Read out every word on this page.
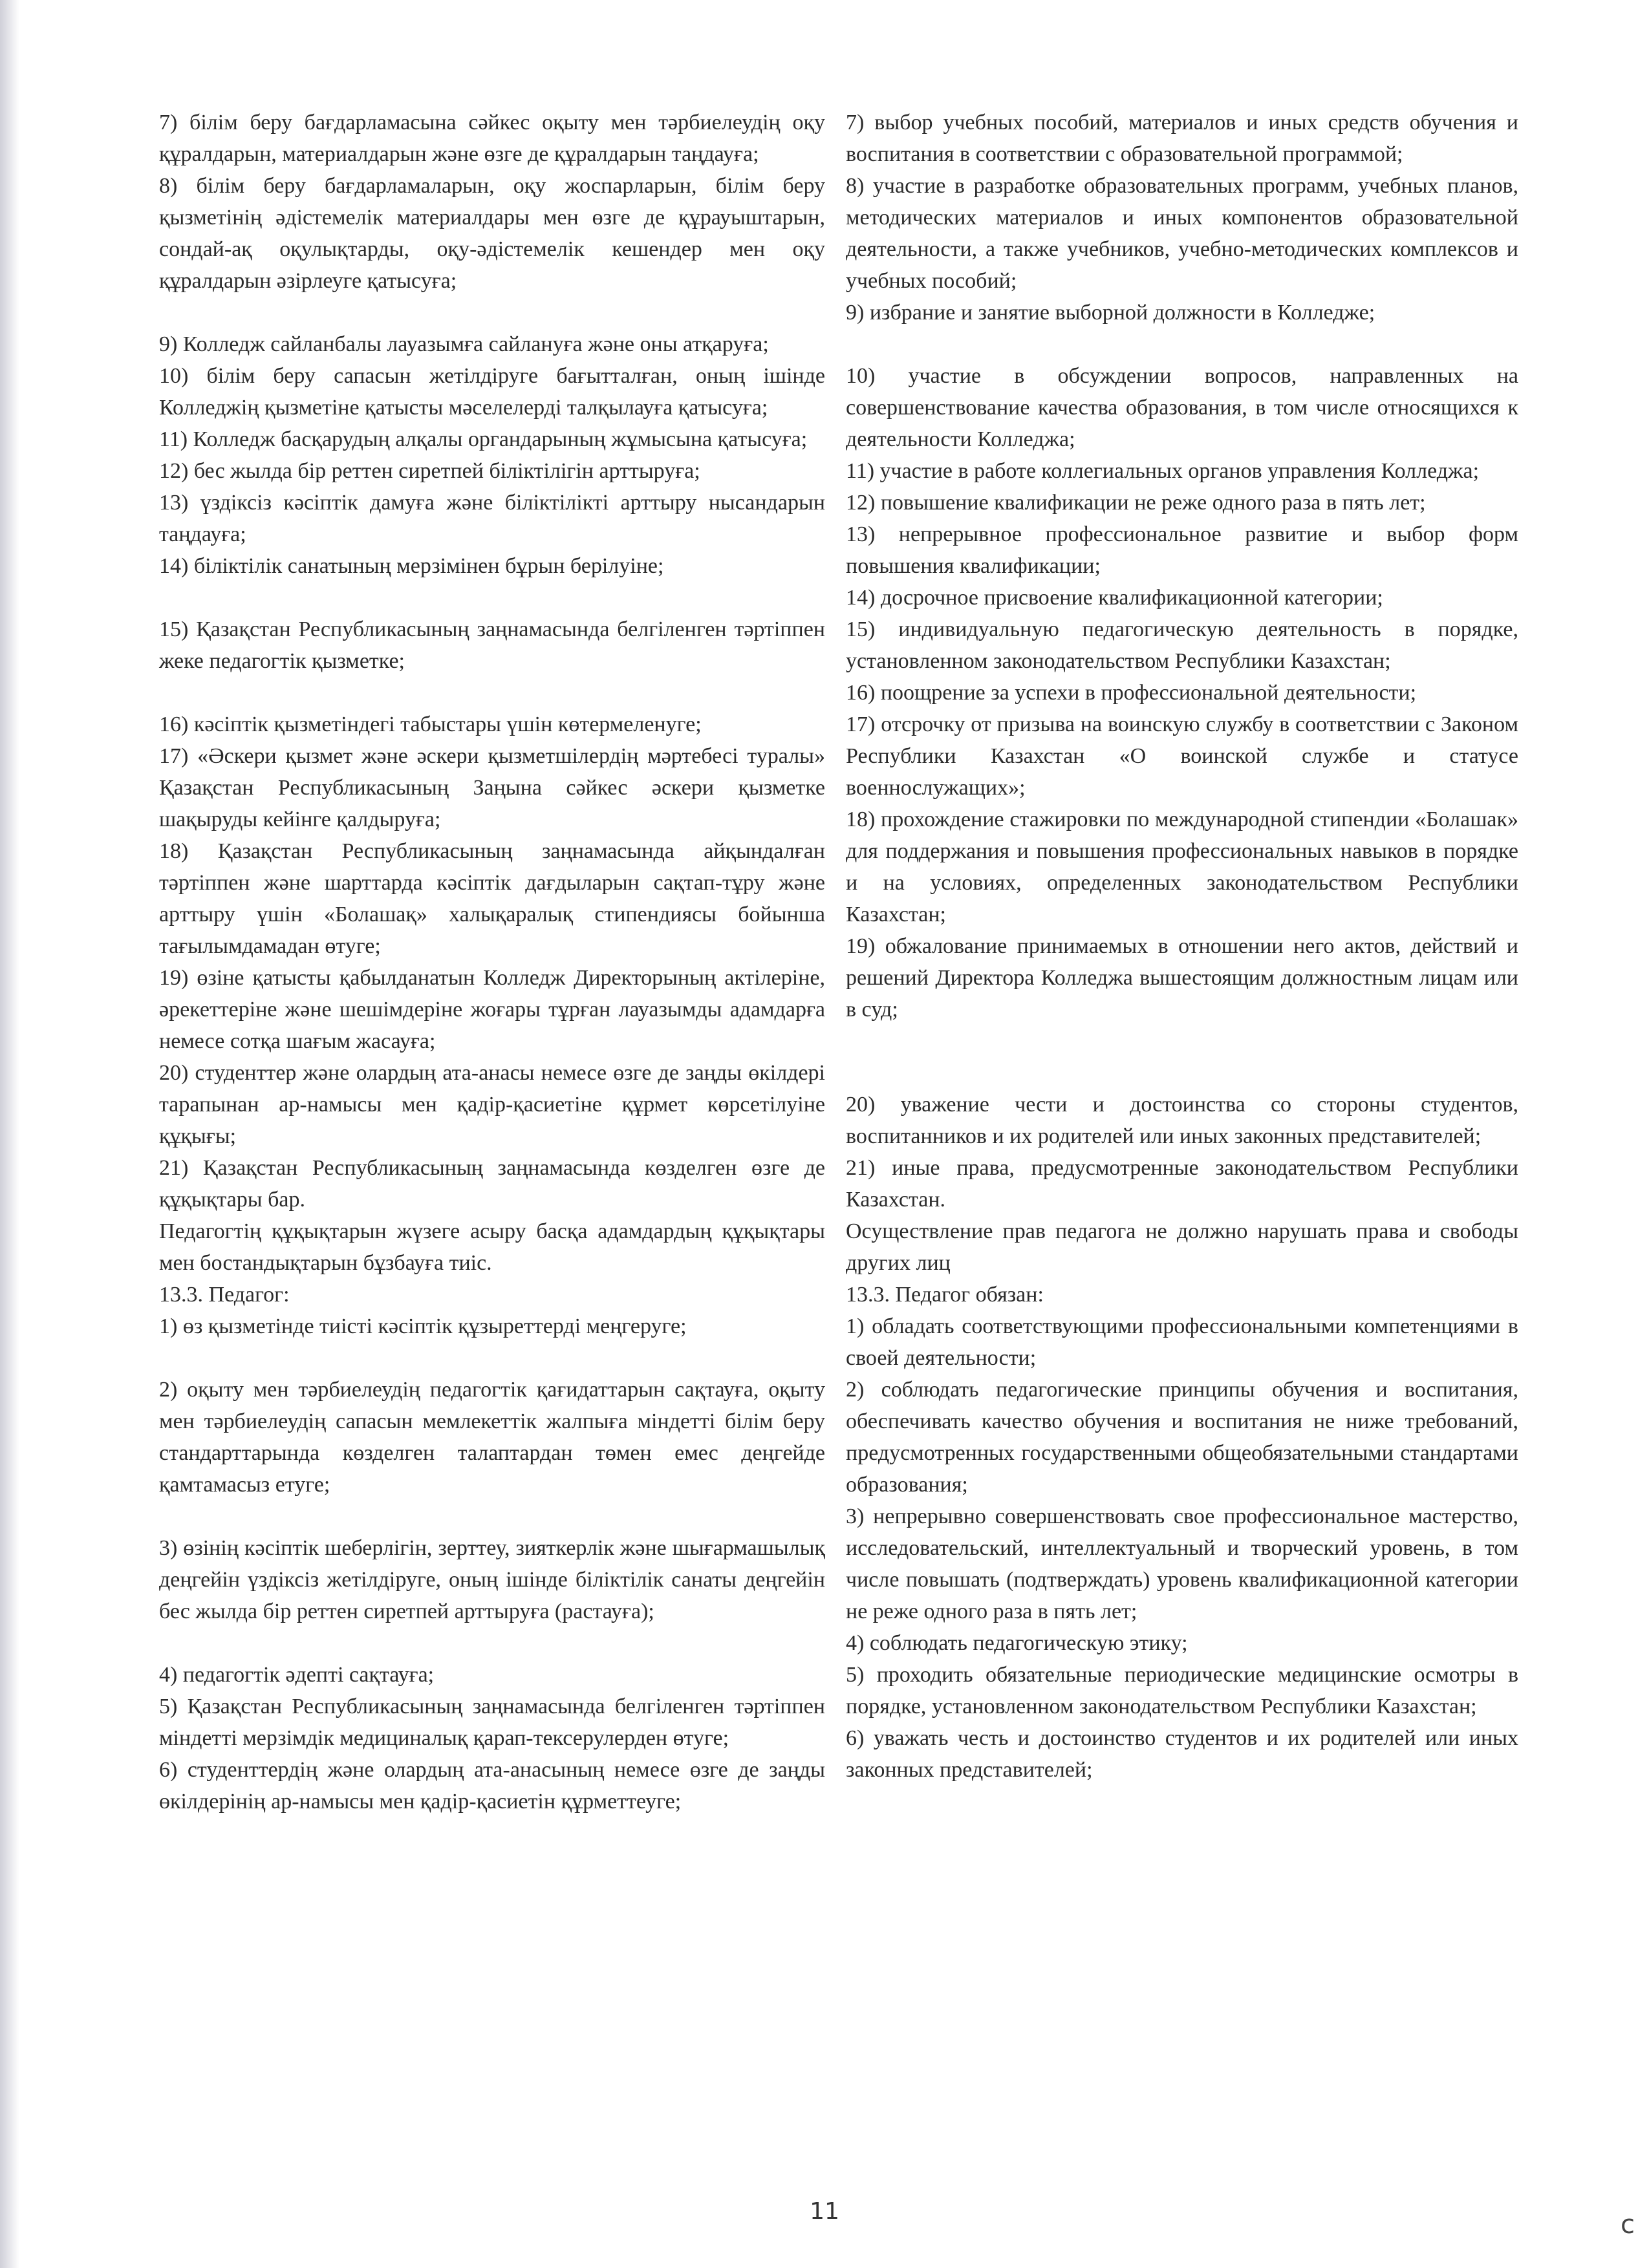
7) білім беру бағдарламасына сәйкес оқыту мен тәрбиелеудің оқу құралдарын, материалдарын және өзге де құралдарын таңдауға;

8) білім беру бағдарламаларын, оқу жоспарларын, білім беру қызметінің әдістемелік материалдары мен өзге де құрауыштарын, сондай-ақ оқулықтарды, оқу-әдістемелік кешендер мен оқу құралдарын әзірлеуге қатысуға;

9) Колледж сайланбалы лауазымға сайлануға және оны атқаруға;

10) білім беру сапасын жетілдіруге бағытталған, оның ішінде Колледжің қызметіне қатысты мәселелерді талқылауға қатысуға;

11) Колледж басқарудың алқалы органдарының жұмысына қатысуға;

12) бес жылда бір реттен сиретпей біліктілігін арттыруға;

13) үздіксіз кәсіптік дамуға және біліктілікті арттыру нысандарын таңдауға;

14) біліктілік санатының мерзімінен бұрын берілуіне;

15) Қазақстан Республикасының заңнамасында белгіленген тәртіппен жеке педагогтік қызметке;

16) кәсіптік қызметіндегі табыстары үшін көтермеленуге;

17) «Әскери қызмет және әскери қызметшілердің мәртебесі туралы» Қазақстан Республикасының Заңына сәйкес әскери қызметке шақыруды кейінге қалдыруға;

18) Қазақстан Республикасының заңнамасында айқындалған тәртіппен және шарттарда кәсіптік дағдыларын сақтап-тұру және арттыру үшін «Болашақ» халықаралық стипендиясы бойынша тағылымдамадан өтуге;

19) өзіне қатысты қабылданатын Колледж Директорының актілеріне, әрекеттеріне және шешімдеріне жоғары тұрған лауазымды адамдарға немесе сотқа шағым жасауға;

20) студенттер және олардың ата-анасы немесе өзге де заңды өкілдері тарапынан ар-намысы мен қадір-қасиетіне құрмет көрсетілуіне құқығы;

21) Қазақстан Республикасының заңнамасында көзделген өзге де құқықтары бар.

Педагогтің құқықтарын жүзеге асыру басқа адамдардың құқықтары мен бостандықтарын бұзбауға тиіс.

13.3. Педагог:

1) өз қызметінде тиісті кәсіптік құзыреттерді меңгеруге;

2) оқыту мен тәрбиелеудің педагогтік қағидаттарын сақтауға, оқыту мен тәрбиелеудің сапасын мемлекеттік жалпыға міндетті білім беру стандарттарында көзделген талаптардан төмен емес деңгейде қамтамасыз етуге;

3) өзінің кәсіптік шеберлігін, зерттеу, зияткерлік және шығармашылық деңгейін үздіксіз жетілдіруге, оның ішінде біліктілік санаты деңгейін бес жылда бір реттен сиретпей арттыруға (растауға);

4) педагогтік әдепті сақтауға;

5) Қазақстан Республикасының заңнамасында белгіленген тәртіппен міндетті мерзімдік медициналық қарап-тексерулерден өтуге;

6) студенттердің және олардың ата-анасының немесе өзге де заңды өкілдерінің ар-намысы мен қадір-қасиетін құрметтеуге;

7) выбор учебных пособий, материалов и иных средств обучения и воспитания в соответствии с образовательной программой;

8) участие в разработке образовательных программ, учебных планов, методических материалов и иных компонентов образовательной деятельности, а также учебников, учебно-методических комплексов и учебных пособий;

9) избрание и занятие выборной должности в Колледже;

10) участие в обсуждении вопросов, направленных на совершенствование качества образования, в том числе относящихся к деятельности Колледжа;

11) участие в работе коллегиальных органов управления Колледжа;

12) повышение квалификации не реже одного раза в пять лет;

13) непрерывное профессиональное развитие и выбор форм повышения квалификации;

14) досрочное присвоение квалификационной категории;

15) индивидуальную педагогическую деятельность в порядке, установленном законодательством Республики Казахстан;

16) поощрение за успехи в профессиональной деятельности;

17) отсрочку от призыва на воинскую службу в соответствии с Законом Республики Казахстан «О воинской службе и статусе военнослужащих»;

18) прохождение стажировки по международной стипендии «Болашак» для поддержания и повышения профессиональных навыков в порядке и на условиях, определенных законодательством Республики Казахстан;

19) обжалование принимаемых в отношении него актов, действий и решений Директора Колледжа вышестоящим должностным лицам или в суд;

20) уважение чести и достоинства со стороны студентов, воспитанников и их родителей или иных законных представителей;

21) иные права, предусмотренные законодательством Республики Казахстан.

Осуществление прав педагога не должно нарушать права и свободы других лиц

13.3. Педагог обязан:

1) обладать соответствующими профессиональными компетенциями в своей деятельности;

2) соблюдать педагогические принципы обучения и воспитания, обеспечивать качество обучения и воспитания не ниже требований, предусмотренных государственными общеобязательными стандартами образования;

3) непрерывно совершенствовать свое профессиональное мастерство, исследовательский, интеллектуальный и творческий уровень, в том числе повышать (подтверждать) уровень квалификационной категории не реже одного раза в пять лет;

4) соблюдать педагогическую этику;

5) проходить обязательные периодические медицинские осмотры в порядке, установленном законодательством Республики Казахстан;

6) уважать честь и достоинство студентов и их родителей или иных законных представителей;

11	c
